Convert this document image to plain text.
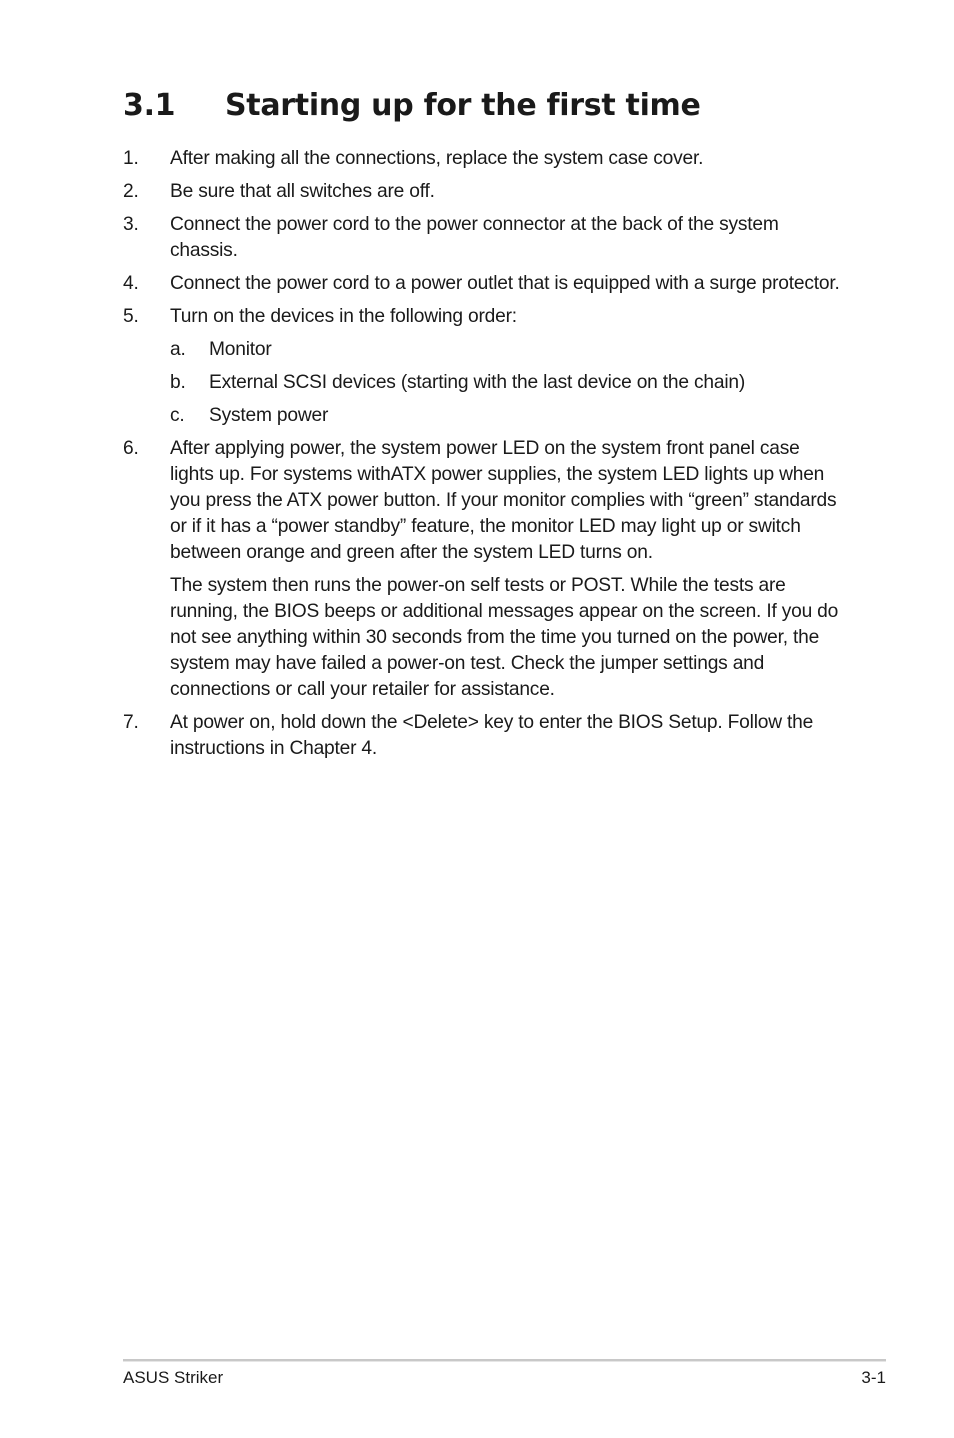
3.1 Starting up for the first time
1.	After making all the connections, replace the system case cover.
2.	Be sure that all switches are off.
3.	Connect the power cord to the power connector at the back of the system chassis.
4.	Connect the power cord to a power outlet that is equipped with a surge protector.
5.	Turn on the devices in the following order:
a.	Monitor
b.	External SCSI devices (starting with the last device on the chain)
c.	System power
6.	After applying power, the system power LED on the system front panel case lights up. For systems withATX power supplies, the system LED lights up when you press the ATX power button. If your monitor complies with “green” standards or if it has a “power standby” feature, the monitor LED may light up or switch between orange and green after the system LED turns on.
The system then runs the power-on self tests or POST. While the tests are running, the BIOS beeps or additional messages appear on the screen. If you do not see anything within 30 seconds from the time you turned on the power, the system may have failed a power-on test. Check the jumper settings and connections or call your retailer for assistance.
7.	At power on, hold down the <Delete> key to enter the BIOS Setup. Follow the instructions in Chapter 4.
ASUS Striker	3-1
